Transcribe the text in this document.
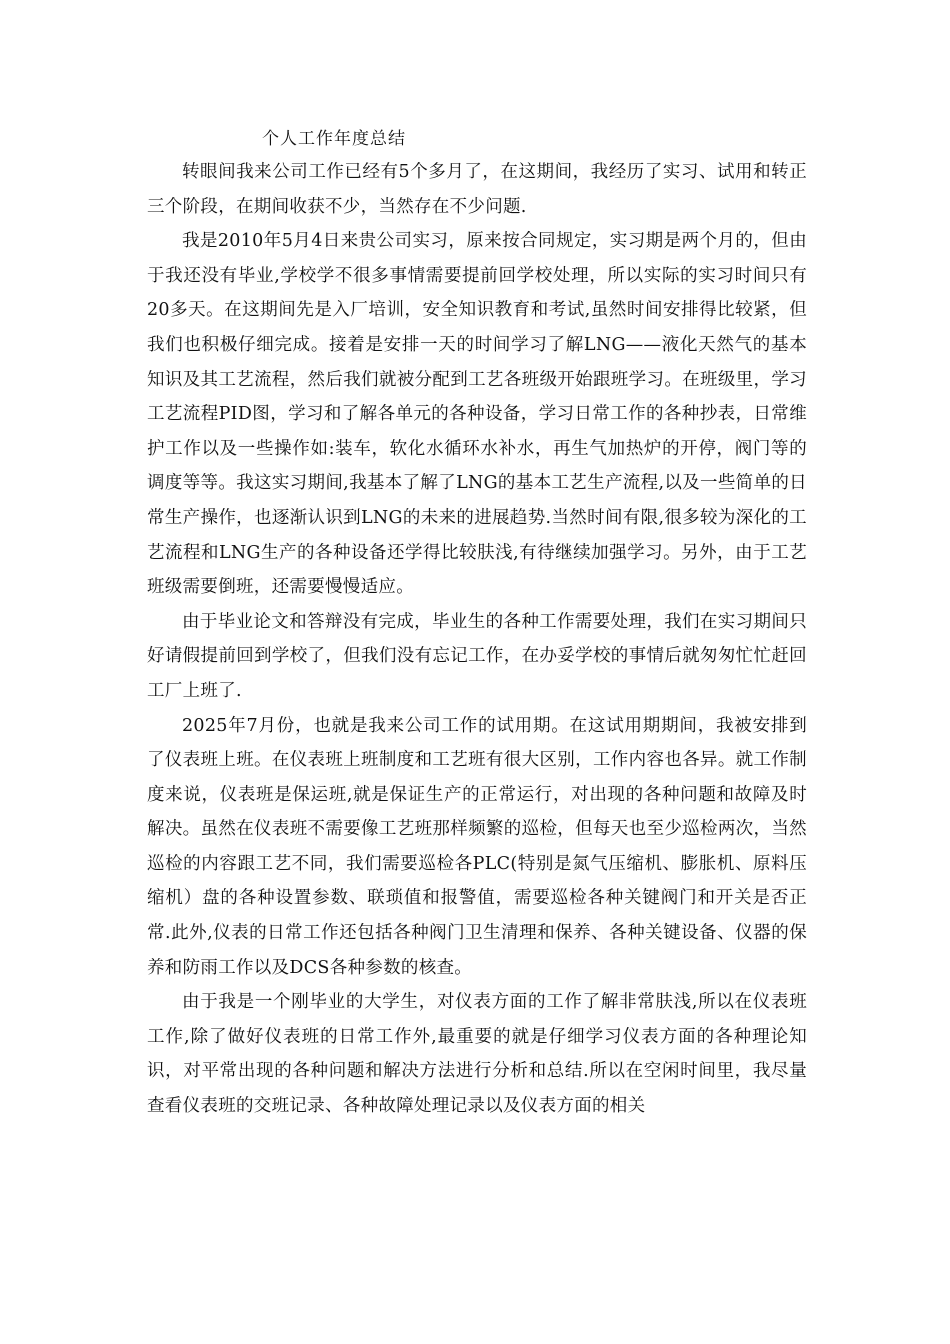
个人工作年度总结

转眼间我来公司工作已经有5个多月了，在这期间，我经历了实习、试用和转正三个阶段，在期间收获不少，当然存在不少问题.

我是2010年5月4日来贵公司实习，原来按合同规定，实习期是两个月的，但由于我还没有毕业,学校学不很多事情需要提前回学校处理，所以实际的实习时间只有20多天。在这期间先是入厂培训，安全知识教育和考试,虽然时间安排得比较紧，但我们也积极仔细完成。接着是安排一天的时间学习了解LNG——液化天然气的基本知识及其工艺流程，然后我们就被分配到工艺各班级开始跟班学习。在班级里，学习工艺流程PID图，学习和了解各单元的各种设备，学习日常工作的各种抄表，日常维护工作以及一些操作如:装车，软化水循环水补水，再生气加热炉的开停，阀门等的调度等等。我这实习期间,我基本了解了LNG的基本工艺生产流程,以及一些简单的日常生产操作，也逐渐认识到LNG的未来的进展趋势.当然时间有限,很多较为深化的工艺流程和LNG生产的各种设备还学得比较肤浅,有待继续加强学习。另外，由于工艺班级需要倒班，还需要慢慢适应。

由于毕业论文和答辩没有完成，毕业生的各种工作需要处理，我们在实习期间只好请假提前回到学校了，但我们没有忘记工作，在办妥学校的事情后就匆匆忙忙赶回工厂上班了.

2025年7月份，也就是我来公司工作的试用期。在这试用期期间，我被安排到了仪表班上班。在仪表班上班制度和工艺班有很大区别，工作内容也各异。就工作制度来说，仪表班是保运班,就是保证生产的正常运行，对出现的各种问题和故障及时解决。虽然在仪表班不需要像工艺班那样频繁的巡检，但每天也至少巡检两次，当然巡检的内容跟工艺不同，我们需要巡检各PLC(特别是氮气压缩机、膨胀机、原料压缩机）盘的各种设置参数、联琐值和报警值，需要巡检各种关键阀门和开关是否正常.此外,仪表的日常工作还包括各种阀门卫生清理和保养、各种关键设备、仪器的保养和防雨工作以及DCS各种参数的核查。

由于我是一个刚毕业的大学生，对仪表方面的工作了解非常肤浅,所以在仪表班工作,除了做好仪表班的日常工作外,最重要的就是仔细学习仪表方面的各种理论知识，对平常出现的各种问题和解决方法进行分析和总结.所以在空闲时间里，我尽量查看仪表班的交班记录、各种故障处理记录以及仪表方面的相关
